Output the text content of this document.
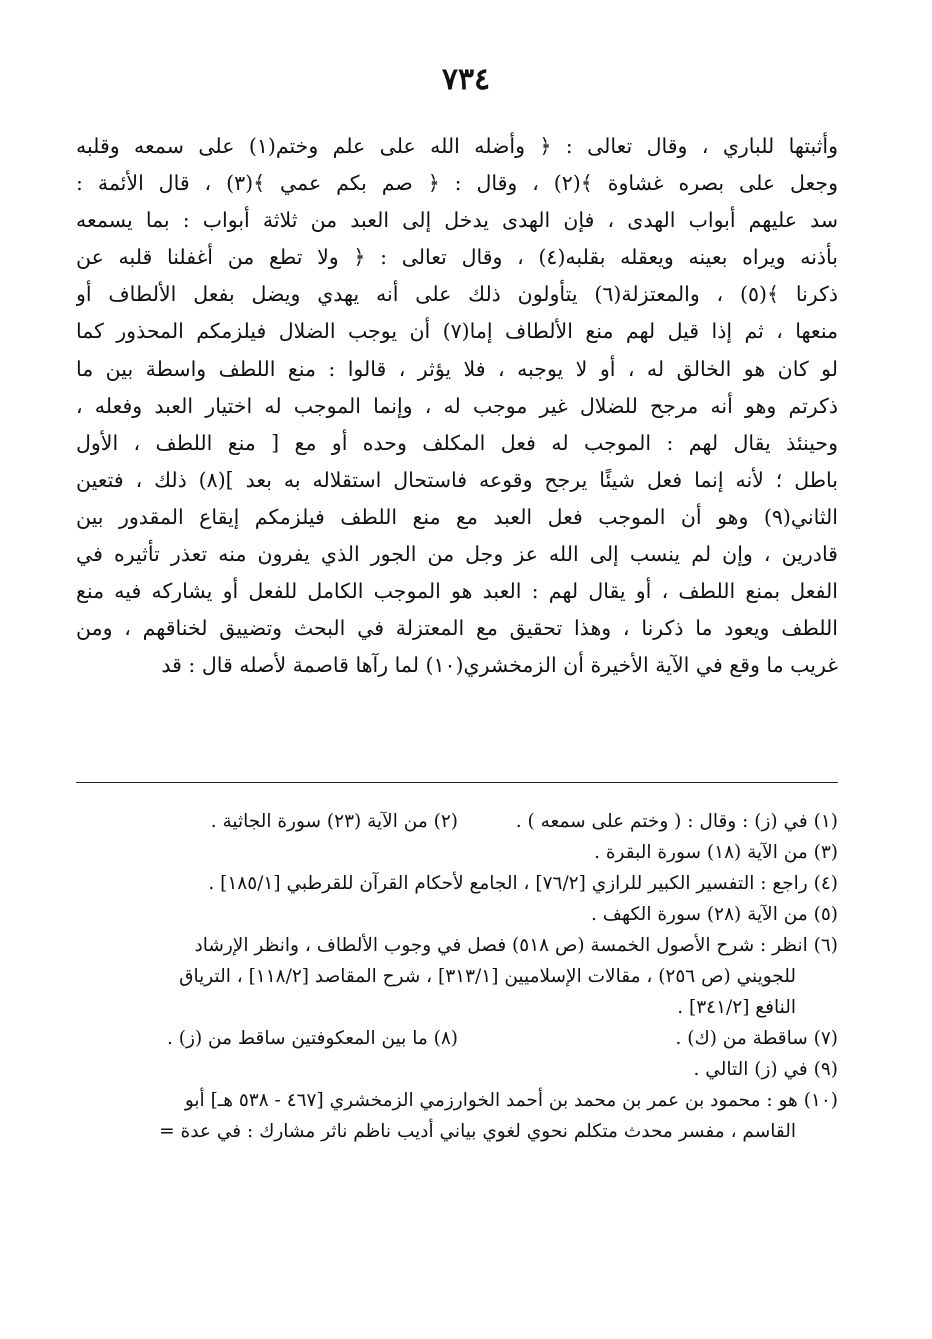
٧٣٤
وأثبتها للباري ، وقال تعالى : ﴿ وأضله الله على علم وختم(١) على سمعه وقلبه
وجعل على بصره غشاوة ﴾(٢) ، وقال : ﴿ صم بكم عمي ﴾(٣) ، قال الأئمة :
سد عليهم أبواب الهدى ، فإن الهدى يدخل إلى العبد من ثلاثة أبواب : بما يسمعه
بأذنه ويراه بعينه ويعقله بقلبه(٤) ، وقال تعالى : ﴿ ولا تطع من أغفلنا قلبه عن
ذكرنا ﴾(٥) ، والمعتزلة(٦) يتأولون ذلك على أنه يهدي ويضل بفعل الألطاف أو
منعها ، ثم إذا قيل لهم منع الألطاف إما(٧) أن يوجب الضلال فيلزمكم المحذور كما
لو كان هو الخالق له ، أو لا يوجبه ، فلا يؤثر ، قالوا : منع اللطف واسطة بين ما
ذكرتم وهو أنه مرجح للضلال غير موجب له ، وإنما الموجب له اختيار العبد وفعله ،
وحينئذ يقال لهم : الموجب له فعل المكلف وحده أو مع [ منع اللطف ، الأول
باطل ؛ لأنه إنما فعل شيئًا يرجح وقوعه فاستحال استقلاله به بعد ](٨) ذلك ، فتعين
الثاني(٩) وهو أن الموجب فعل العبد مع منع اللطف فيلزمكم إيقاع المقدور بين
قادرين ، وإن لم ينسب إلى الله عز وجل من الجور الذي يفرون منه تعذر تأثيره في
الفعل بمنع اللطف ، أو يقال لهم : العبد هو الموجب الكامل للفعل أو يشاركه فيه منع
اللطف ويعود ما ذكرنا ، وهذا تحقيق مع المعتزلة في البحث وتضييق لخناقهم ، ومن
غريب ما وقع في الآية الأخيرة أن الزمخشري(١٠) لما رآها قاصمة لأصله قال : قد
(١) في (ز) : وقال : ( وختم على سمعه ) .
(٢) من الآية (٢٣) سورة الجاثية .
(٣) من الآية (١٨) سورة البقرة .
(٤) راجع : التفسير الكبير للرازي [٧٦/٢] ، الجامع لأحكام القرآن للقرطبي [١٨٥/١] .
(٥) من الآية (٢٨) سورة الكهف .
(٦) انظر : شرح الأصول الخمسة (ص ٥١٨) فصل في وجوب الألطاف ، وانظر الإرشاد
للجويني (ص ٢٥٦) ، مقالات الإسلاميين [٣١٣/١] ، شرح المقاصد [١١٨/٢] ، الترياق
النافع [٣٤١/٢] .
(٧) ساقطة من (ك) .
(٨) ما بين المعكوفتين ساقط من (ز) .
(٩) في (ز) التالي .
(١٠) هو : محمود بن عمر بن محمد بن أحمد الخوارزمي الزمخشري [٤٦٧ - ٥٣٨ هـ] أبو
القاسم ، مفسر محدث متكلم نحوي لغوي بياني أديب ناظم ناثر مشارك : في عدة =
